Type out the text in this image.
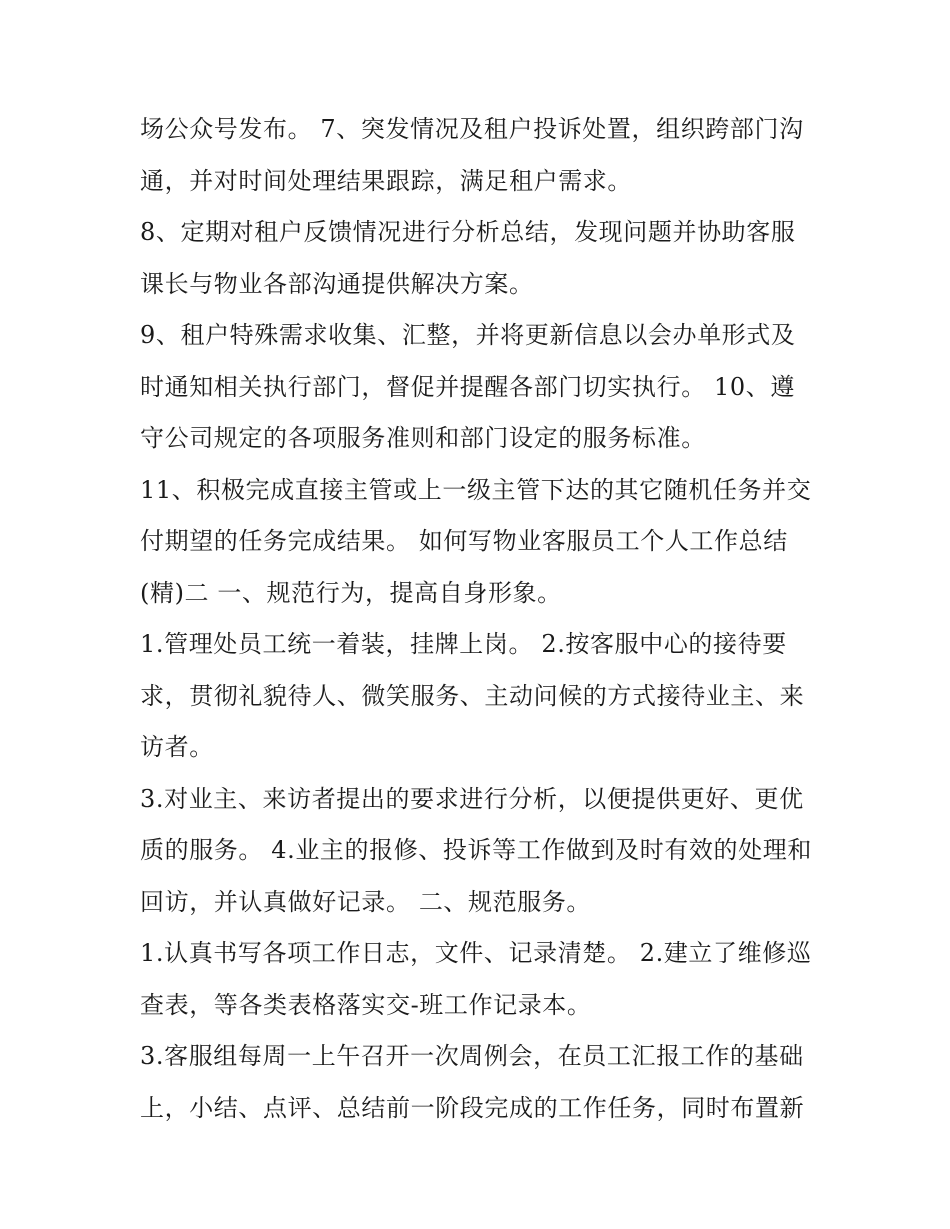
场公众号发布。 7、突发情况及租户投诉处置，组织跨部门沟
通，并对时间处理结果跟踪，满足租户需求。
8、定期对租户反馈情况进行分析总结，发现问题并协助客服
课长与物业各部沟通提供解决方案。
9、租户特殊需求收集、汇整，并将更新信息以会办单形式及
时通知相关执行部门，督促并提醒各部门切实执行。 10、遵
守公司规定的各项服务准则和部门设定的服务标准。
11、积极完成直接主管或上一级主管下达的其它随机任务并交
付期望的任务完成结果。 如何写物业客服员工个人工作总结
(精)二 一、规范行为，提高自身形象。
1.管理处员工统一着装，挂牌上岗。 2.按客服中心的接待要
求，贯彻礼貌待人、微笑服务、主动问候的方式接待业主、来
访者。
3.对业主、来访者提出的要求进行分析，以便提供更好、更优
质的服务。 4.业主的报修、投诉等工作做到及时有效的处理和
回访，并认真做好记录。 二、规范服务。
1.认真书写各项工作日志，文件、记录清楚。 2.建立了维修巡
查表，等各类表格落实交-班工作记录本。
3.客服组每周一上午召开一次周例会，在员工汇报工作的基础
上，小结、点评、总结前一阶段完成的工作任务，同时布置新
